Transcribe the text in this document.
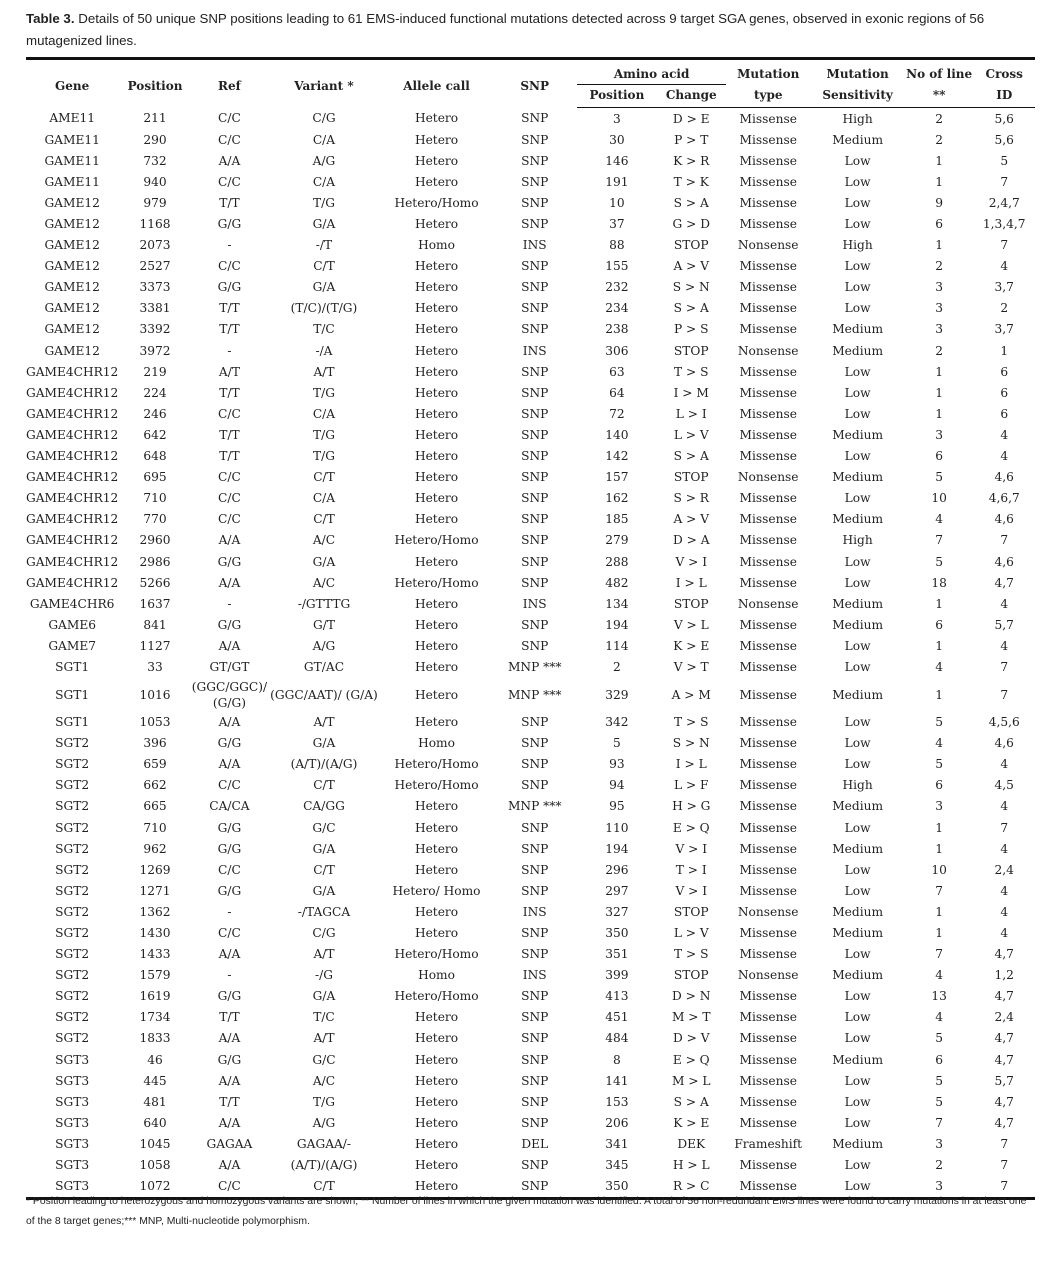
Table 3. Details of 50 unique SNP positions leading to 61 EMS-induced functional mutations detected across 9 target SGA genes, observed in exonic regions of 56 mutagenized lines.
Gene	Position	Ref	Variant *	Allele call	SNP	Amino acid		Mutation	Mutation	No of line	Cross
						Position	Change	type	Sensitivity	**	ID
AME11	211	C/C	C/G	Hetero	SNP	3	D > E	Missense	High	2	5,6
GAME11	290	C/C	C/A	Hetero	SNP	30	P > T	Missense	Medium	2	5,6
GAME11	732	A/A	A/G	Hetero	SNP	146	K > R	Missense	Low	1	5
GAME11	940	C/C	C/A	Hetero	SNP	191	T > K	Missense	Low	1	7
GAME12	979	T/T	T/G	Hetero/Homo	SNP	10	S > A	Missense	Low	9	2,4,7
GAME12	1168	G/G	G/A	Hetero	SNP	37	G > D	Missense	Low	6	1,3,4,7
GAME12	2073	-	-/T	Homo	INS	88	STOP	Nonsense	High	1	7
GAME12	2527	C/C	C/T	Hetero	SNP	155	A > V	Missense	Low	2	4
GAME12	3373	G/G	G/A	Hetero	SNP	232	S > N	Missense	Low	3	3,7
GAME12	3381	T/T	(T/C)/(T/G)	Hetero	SNP	234	S > A	Missense	Low	3	2
GAME12	3392	T/T	T/C	Hetero	SNP	238	P > S	Missense	Medium	3	3,7
GAME12	3972	-	-/A	Hetero	INS	306	STOP	Nonsense	Medium	2	1
GAME4CHR12	219	A/T	A/T	Hetero	SNP	63	T > S	Missense	Low	1	6
GAME4CHR12	224	T/T	T/G	Hetero	SNP	64	I > M	Missense	Low	1	6
GAME4CHR12	246	C/C	C/A	Hetero	SNP	72	L > I	Missense	Low	1	6
GAME4CHR12	642	T/T	T/G	Hetero	SNP	140	L > V	Missense	Medium	3	4
GAME4CHR12	648	T/T	T/G	Hetero	SNP	142	S > A	Missense	Low	6	4
GAME4CHR12	695	C/C	C/T	Hetero	SNP	157	STOP	Nonsense	Medium	5	4,6
GAME4CHR12	710	C/C	C/A	Hetero	SNP	162	S > R	Missense	Low	10	4,6,7
GAME4CHR12	770	C/C	C/T	Hetero	SNP	185	A > V	Missense	Medium	4	4,6
GAME4CHR12	2960	A/A	A/C	Hetero/Homo	SNP	279	D > A	Missense	High	7	7
GAME4CHR12	2986	G/G	G/A	Hetero	SNP	288	V > I	Missense	Low	5	4,6
GAME4CHR12	5266	A/A	A/C	Hetero/Homo	SNP	482	I > L	Missense	Low	18	4,7
GAME4CHR6	1637	-	-/GTTTG	Hetero	INS	134	STOP	Nonsense	Medium	1	4
GAME6	841	G/G	G/T	Hetero	SNP	194	V > L	Missense	Medium	6	5,7
GAME7	1127	A/A	A/G	Hetero	SNP	114	K > E	Missense	Low	1	4
SGT1	33	GT/GT	GT/AC	Hetero	MNP ***	2	V > T	Missense	Low	4	7
SGT1	1016	(GGC/GGC)/ (G/G)	(GGC/AAT)/ (G/A)	Hetero	MNP ***	329	A > M	Missense	Medium	1	7
SGT1	1053	A/A	A/T	Hetero	SNP	342	T > S	Missense	Low	5	4,5,6
SGT2	396	G/G	G/A	Homo	SNP	5	S > N	Missense	Low	4	4,6
SGT2	659	A/A	(A/T)/(A/G)	Hetero/Homo	SNP	93	I > L	Missense	Low	5	4
SGT2	662	C/C	C/T	Hetero/Homo	SNP	94	L > F	Missense	High	6	4,5
SGT2	665	CA/CA	CA/GG	Hetero	MNP ***	95	H > G	Missense	Medium	3	4
SGT2	710	G/G	G/C	Hetero	SNP	110	E > Q	Missense	Low	1	7
SGT2	962	G/G	G/A	Hetero	SNP	194	V > I	Missense	Medium	1	4
SGT2	1269	C/C	C/T	Hetero	SNP	296	T > I	Missense	Low	10	2,4
SGT2	1271	G/G	G/A	Hetero/ Homo	SNP	297	V > I	Missense	Low	7	4
SGT2	1362	-	-/TAGCA	Hetero	INS	327	STOP	Nonsense	Medium	1	4
SGT2	1430	C/C	C/G	Hetero	SNP	350	L > V	Missense	Medium	1	4
SGT2	1433	A/A	A/T	Hetero/Homo	SNP	351	T > S	Missense	Low	7	4,7
SGT2	1579	-	-/G	Homo	INS	399	STOP	Nonsense	Medium	4	1,2
SGT2	1619	G/G	G/A	Hetero/Homo	SNP	413	D > N	Missense	Low	13	4,7
SGT2	1734	T/T	T/C	Hetero	SNP	451	M > T	Missense	Low	4	2,4
SGT2	1833	A/A	A/T	Hetero	SNP	484	D > V	Missense	Low	5	4,7
SGT3	46	G/G	G/C	Hetero	SNP	8	E > Q	Missense	Medium	6	4,7
SGT3	445	A/A	A/C	Hetero	SNP	141	M > L	Missense	Low	5	5,7
SGT3	481	T/T	T/G	Hetero	SNP	153	S > A	Missense	Low	5	4,7
SGT3	640	A/A	A/G	Hetero	SNP	206	K > E	Missense	Low	7	4,7
SGT3	1045	GAGAA	GAGAA/-	Hetero	DEL	341	DEK	Frameshift	Medium	3	7
SGT3	1058	A/A	(A/T)/(A/G)	Hetero	SNP	345	H > L	Missense	Low	2	7
SGT3	1072	C/C	C/T	Hetero	SNP	350	R > C	Missense	Low	3	7
* Position leading to heterozygous and homozygous variants are shown; ** Number of lines in which the given mutation was identified. A total of 56 non-redundant EMS lines were found to carry mutations in at least one of the 8 target genes;*** MNP, Multi-nucleotide polymorphism.
